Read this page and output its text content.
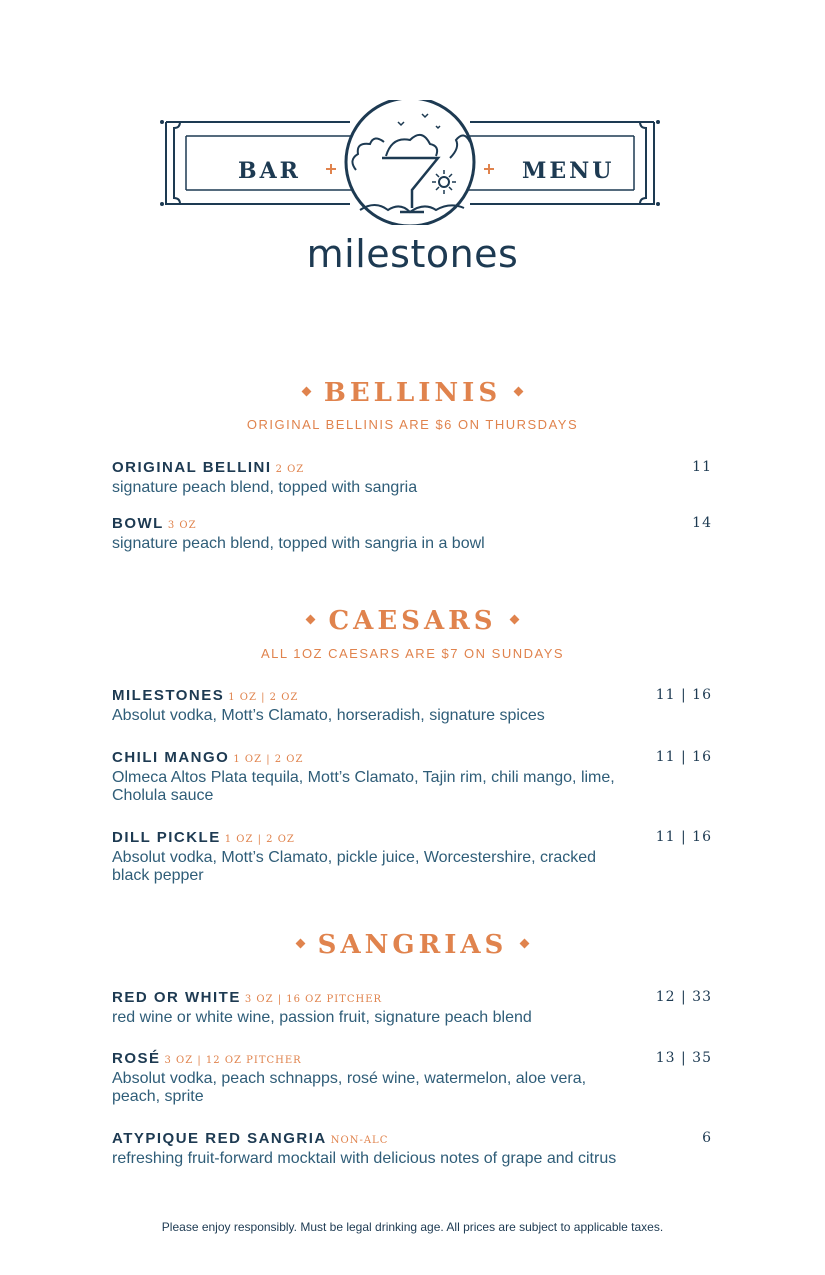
BAR	MENU
milestones
BELLINIS
ORIGINAL BELLINIS ARE $6 ON THURSDAYS
ORIGINAL BELLINI 2 OZ
signature peach blend, topped with sangria
11
BOWL 3 OZ
signature peach blend, topped with sangria in a bowl
14
CAESARS
ALL 1OZ CAESARS ARE $7 ON SUNDAYS
MILESTONES 1 OZ | 2 OZ
Absolut vodka, Mott’s Clamato, horseradish, signature spices
11 | 16
CHILI MANGO 1 OZ | 2 OZ
Olmeca Altos Plata tequila, Mott’s Clamato, Tajin rim, chili mango, lime, Cholula sauce
11 | 16
DILL PICKLE 1 OZ | 2 OZ
Absolut vodka, Mott’s Clamato, pickle juice, Worcestershire, cracked black pepper
11 | 16
SANGRIAS
RED OR WHITE 3 OZ | 16 OZ PITCHER
red wine or white wine, passion fruit, signature peach blend
12 | 33
ROSÉ 3 OZ | 12 OZ PITCHER
Absolut vodka, peach schnapps, rosé wine, watermelon, aloe vera, peach, sprite
13 | 35
ATYPIQUE RED SANGRIA NON-ALC
refreshing fruit-forward mocktail with delicious notes of grape and citrus
6
Please enjoy responsibly. Must be legal drinking age. All prices are subject to applicable taxes.
